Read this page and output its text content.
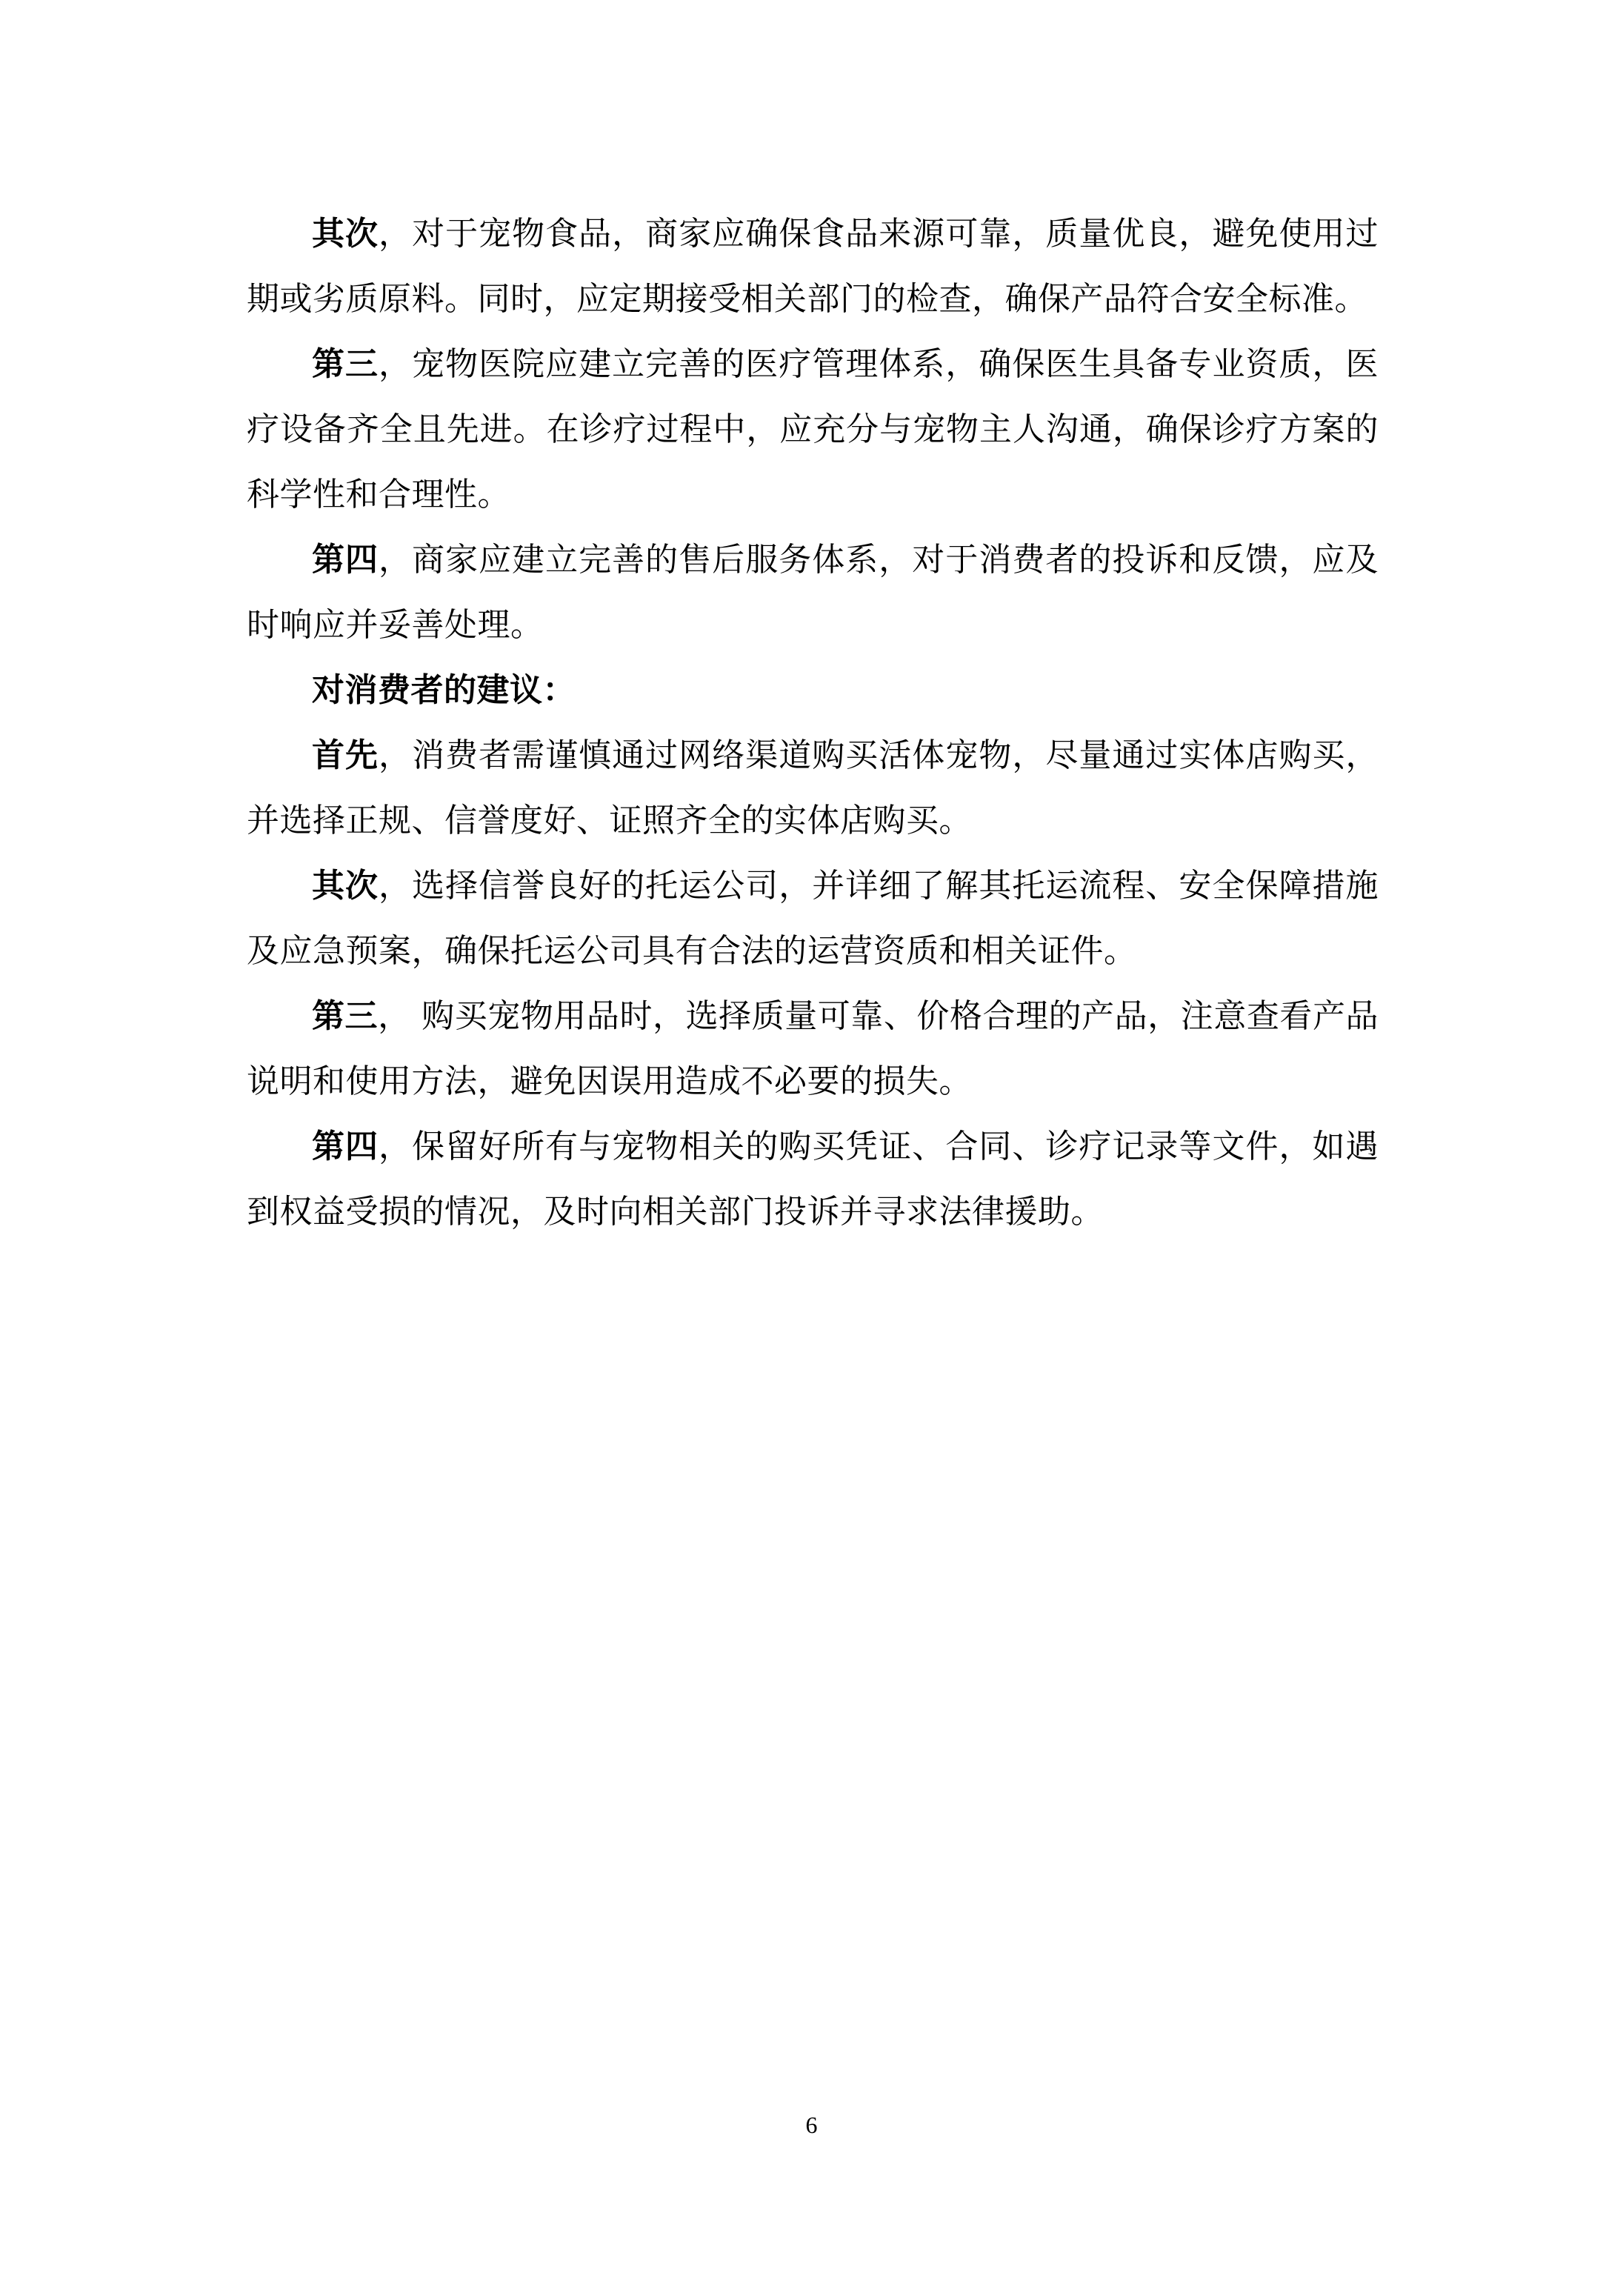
其次，对于宠物食品，商家应确保食品来源可靠，质量优良，避免使用过期或劣质原料。同时，应定期接受相关部门的检查，确保产品符合安全标准。

第三，宠物医院应建立完善的医疗管理体系，确保医生具备专业资质，医疗设备齐全且先进。在诊疗过程中，应充分与宠物主人沟通，确保诊疗方案的科学性和合理性。

第四，商家应建立完善的售后服务体系，对于消费者的投诉和反馈，应及时响应并妥善处理。

对消费者的建议：

首先，消费者需谨慎通过网络渠道购买活体宠物，尽量通过实体店购买，并选择正规、信誉度好、证照齐全的实体店购买。

其次，选择信誉良好的托运公司，并详细了解其托运流程、安全保障措施及应急预案，确保托运公司具有合法的运营资质和相关证件。

第三， 购买宠物用品时，选择质量可靠、价格合理的产品，注意查看产品说明和使用方法，避免因误用造成不必要的损失。

第四，保留好所有与宠物相关的购买凭证、合同、诊疗记录等文件，如遇到权益受损的情况，及时向相关部门投诉并寻求法律援助。

6
